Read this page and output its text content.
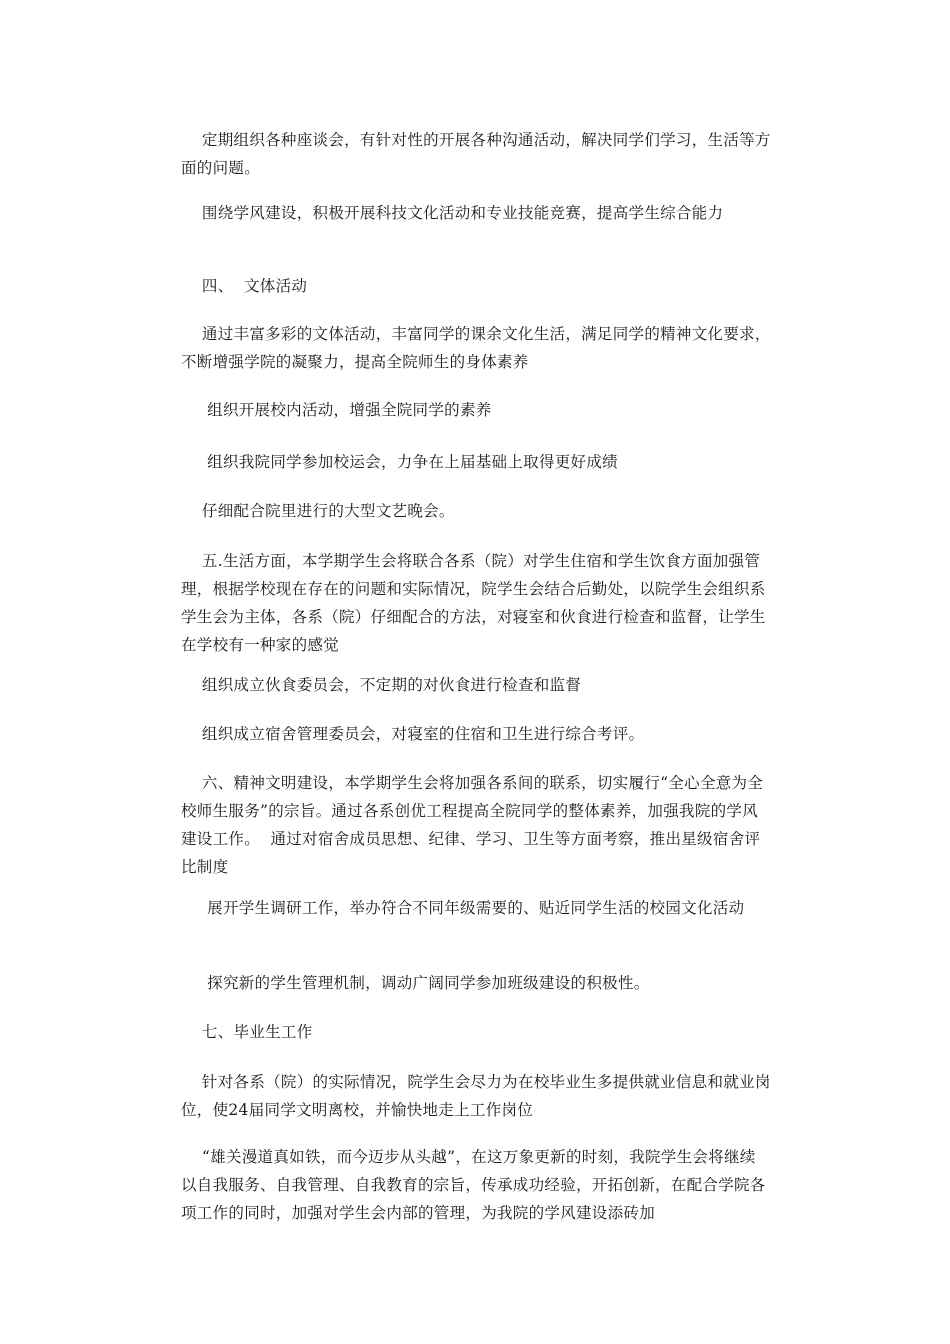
定期组织各种座谈会，有针对性的开展各种沟通活动，解决同学们学习，生活等方面的问题。

围绕学风建设，积极开展科技文化活动和专业技能竞赛，提高学生综合能力

四、  文体活动

通过丰富多彩的文体活动，丰富同学的课余文化生活，满足同学的精神文化要求，不断增强学院的凝聚力，提高全院师生的身体素养

组织开展校内活动，增强全院同学的素养

组织我院同学参加校运会，力争在上届基础上取得更好成绩

仔细配合院里进行的大型文艺晚会。

五.生活方面，本学期学生会将联合各系（院）对学生住宿和学生饮食方面加强管理，根据学校现在存在的问题和实际情况，院学生会结合后勤处，以院学生会组织系学生会为主体，各系（院）仔细配合的方法，对寝室和伙食进行检查和监督，让学生在学校有一种家的感觉

组织成立伙食委员会，不定期的对伙食进行检查和监督

组织成立宿舍管理委员会，对寝室的住宿和卫生进行综合考评。

六、精神文明建设，本学期学生会将加强各系间的联系，切实履行“全心全意为全校师生服务”的宗旨。通过各系创优工程提高全院同学的整体素养，加强我院的学风建设工作。  通过对宿舍成员思想、纪律、学习、卫生等方面考察，推出星级宿舍评比制度

展开学生调研工作，举办符合不同年级需要的、贴近同学生活的校园文化活动

探究新的学生管理机制，调动广阔同学参加班级建设的积极性。

七、毕业生工作

针对各系（院）的实际情况，院学生会尽力为在校毕业生多提供就业信息和就业岗位，使24届同学文明离校，并愉快地走上工作岗位

“雄关漫道真如铁，而今迈步从头越”，在这万象更新的时刻，我院学生会将继续以自我服务、自我管理、自我教育的宗旨，传承成功经验，开拓创新，在配合学院各项工作的同时，加强对学生会内部的管理，为我院的学风建设添砖加
